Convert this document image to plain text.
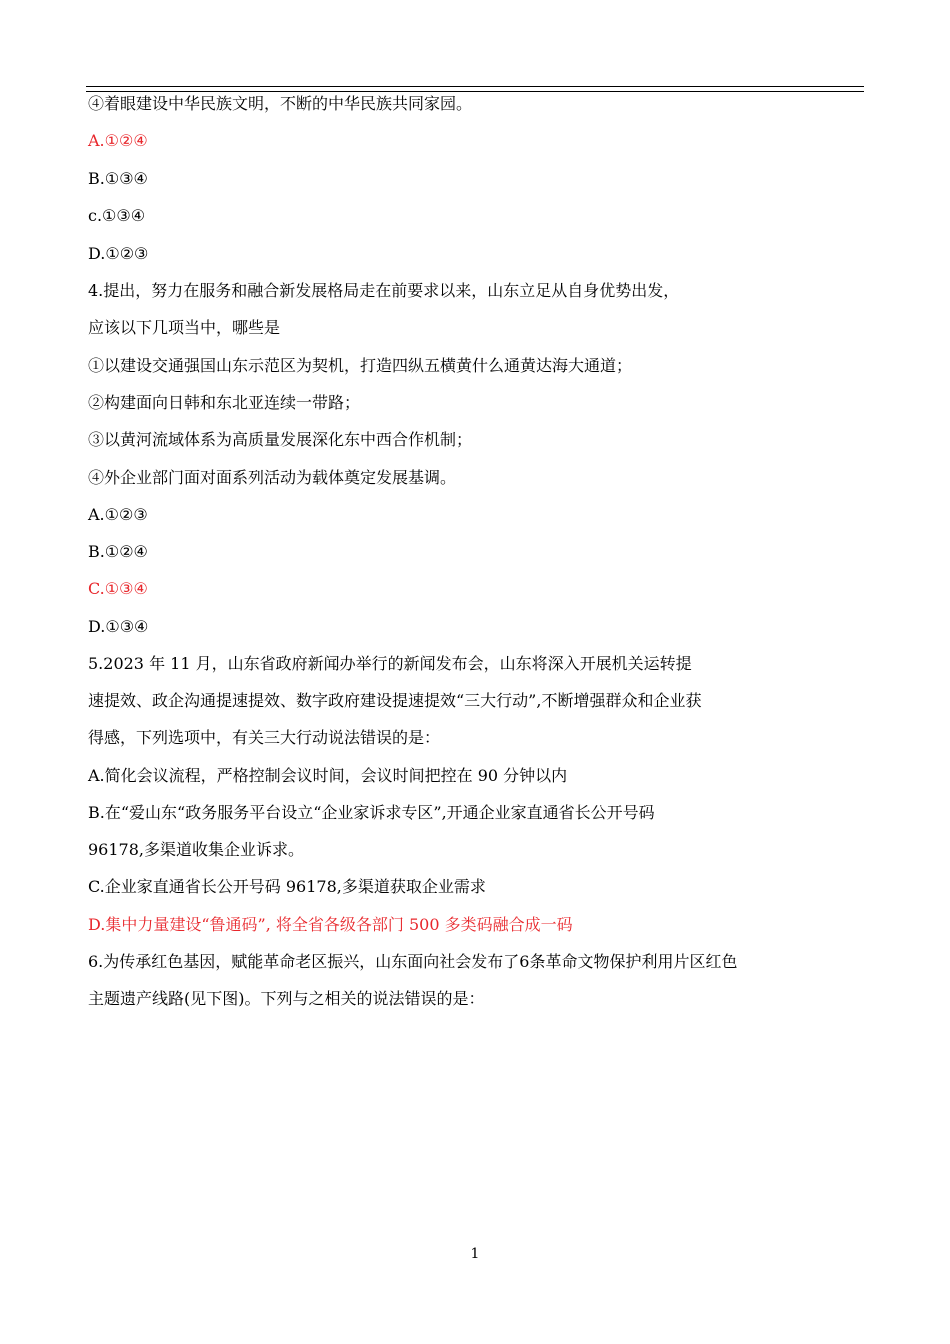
④着眼建设中华民族文明，不断的中华民族共同家园。
A.①②④
B.①③④
c.①③④
D.①②③
4.提出，努力在服务和融合新发展格局走在前要求以来，山东立足从自身优势出发，
应该以下几项当中，哪些是
①以建设交通强国山东示范区为契机，打造四纵五横黄什么通黄达海大通道；
②构建面向日韩和东北亚连续一带路；
③以黄河流域体系为高质量发展深化东中西合作机制；
④外企业部门面对面系列活动为载体奠定发展基调。
A.①②③
B.①②④
C.①③④
D.①③④
5.2023 年 11 月，山东省政府新闻办举行的新闻发布会，山东将深入开展机关运转提
速提效、政企沟通提速提效、数字政府建设提速提效“三大行动”,不断增强群众和企业获
得感，下列选项中，有关三大行动说法错误的是：
A.简化会议流程，严格控制会议时间，会议时间把控在 90 分钟以内
B.在“爱山东“政务服务平台设立“企业家诉求专区”,开通企业家直通省长公开号码
96178,多渠道收集企业诉求。
C.企业家直通省长公开号码 96178,多渠道获取企业需求
D.集中力量建设“鲁通码”, 将全省各级各部门 500 多类码融合成一码
6.为传承红色基因，赋能革命老区振兴，山东面向社会发布了6条革命文物保护利用片区红色
主题遗产线路(见下图)。下列与之相关的说法错误的是：
1
